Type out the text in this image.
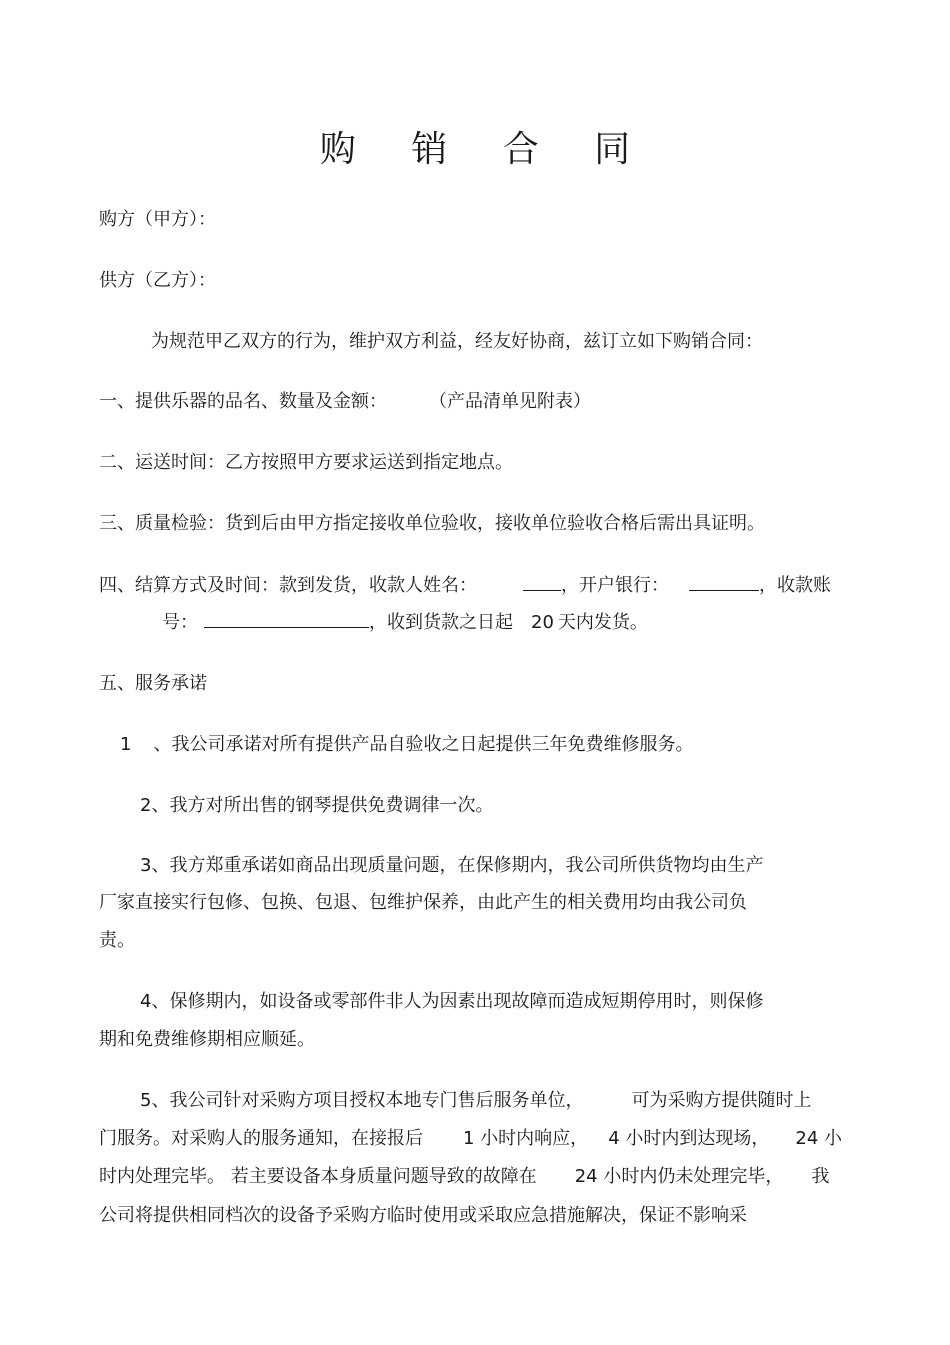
购 销 合 同
购方（甲方）：
供方（乙方）：
为规范甲乙双方的行为，维护双方利益，经友好协商，兹订立如下购销合同：
一、提供乐器的品名、数量及金额： （产品清单见附表）
二、运送时间：乙方按照甲方要求运送到指定地点。
三、质量检验：货到后由甲方指定接收单位验收，接收单位验收合格后需出具证明。
四、结算方式及时间：款到发货，收款人姓名：	，开户银行：	，收款账
号：	，收到货款之日起 20 天内发货。
五、服务承诺
1 、我公司承诺对所有提供产品自验收之日起提供三年免费维修服务。
2、我方对所出售的钢琴提供免费调律一次。
3、我方郑重承诺如商品出现质量问题，在保修期内，我公司所供货物均由生产
厂家直接实行包修、包换、包退、包维护保养，由此产生的相关费用均由我公司负
责。
4、保修期内，如设备或零部件非人为因素出现故障而造成短期停用时，则保修
期和免费维修期相应顺延。
5、我公司针对采购方项目授权本地专门售后服务单位，	可为采购方提供随时上
门服务。对采购人的服务通知，在接报后 1 小时内响应， 4 小时内到达现场， 24 小
时内处理完毕。 若主要设备本身质量问题导致的故障在 24 小时内仍未处理完毕， 我
公司将提供相同档次的设备予采购方临时使用或采取应急措施解决，保证不影响采
